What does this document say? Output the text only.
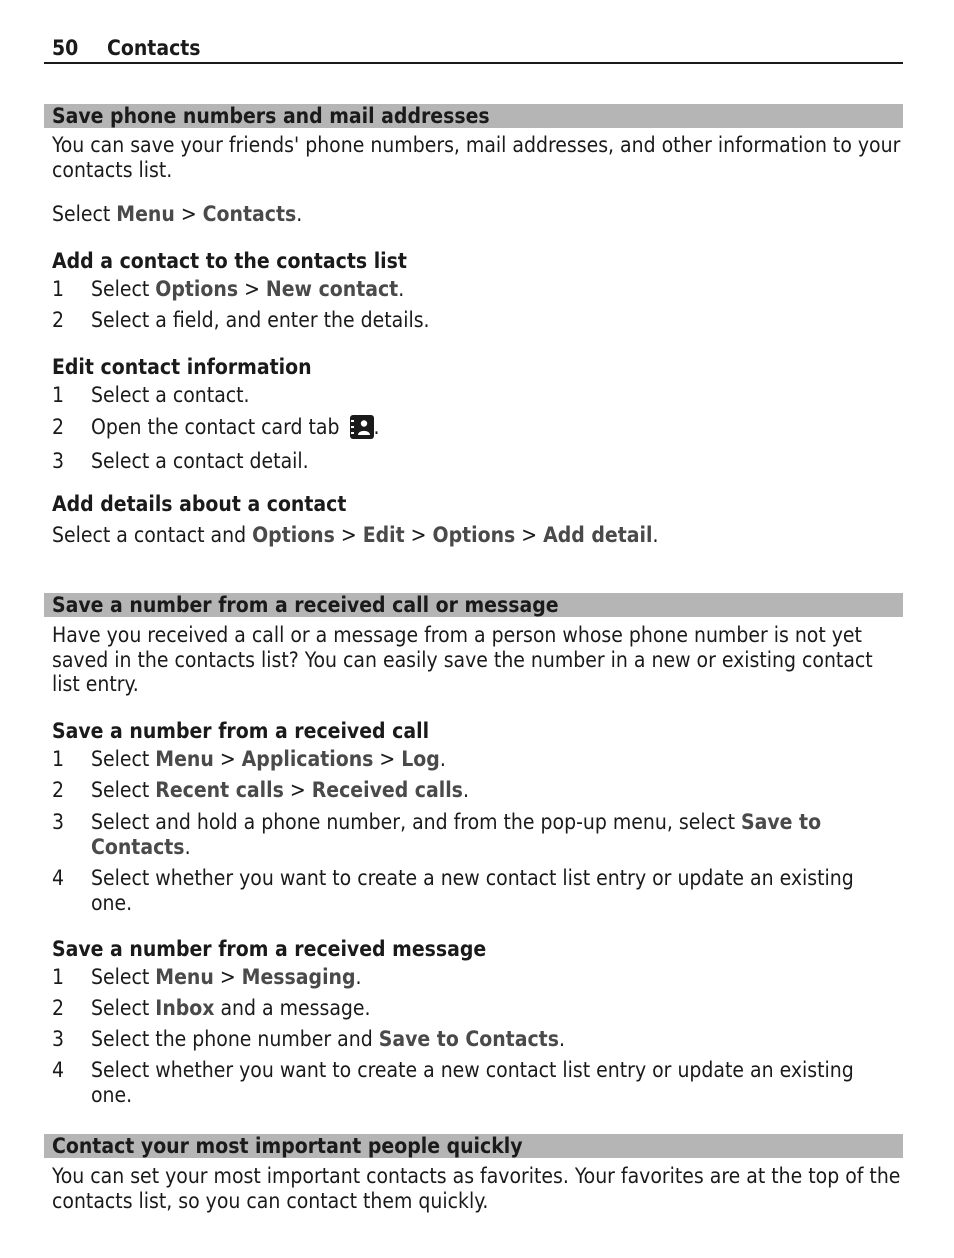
50 Contacts
Save phone numbers and mail addresses
You can save your friends' phone numbers, mail addresses, and other information to your contacts list.
Select Menu > Contacts.
Add a contact to the contacts list
1 Select Options > New contact.
2 Select a field, and enter the details.
Edit contact information
1 Select a contact.
2 Open the contact card tab
.
3 Select a contact detail.
Add details about a contact
Select a contact and Options > Edit > Options > Add detail.
Save a number from a received call or message
Have you received a call or a message from a person whose phone number is not yet saved in the contacts list? You can easily save the number in a new or existing contact list entry.
Save a number from a received call
1 Select Menu > Applications > Log.
2 Select Recent calls > Received calls.
3 Select and hold a phone number, and from the pop-up menu, select Save to Contacts.
4 Select whether you want to create a new contact list entry or update an existing one.
Save a number from a received message
1 Select Menu > Messaging.
2 Select Inbox and a message.
3 Select the phone number and Save to Contacts.
4 Select whether you want to create a new contact list entry or update an existing one.
Contact your most important people quickly
You can set your most important contacts as favorites. Your favorites are at the top of the contacts list, so you can contact them quickly.
